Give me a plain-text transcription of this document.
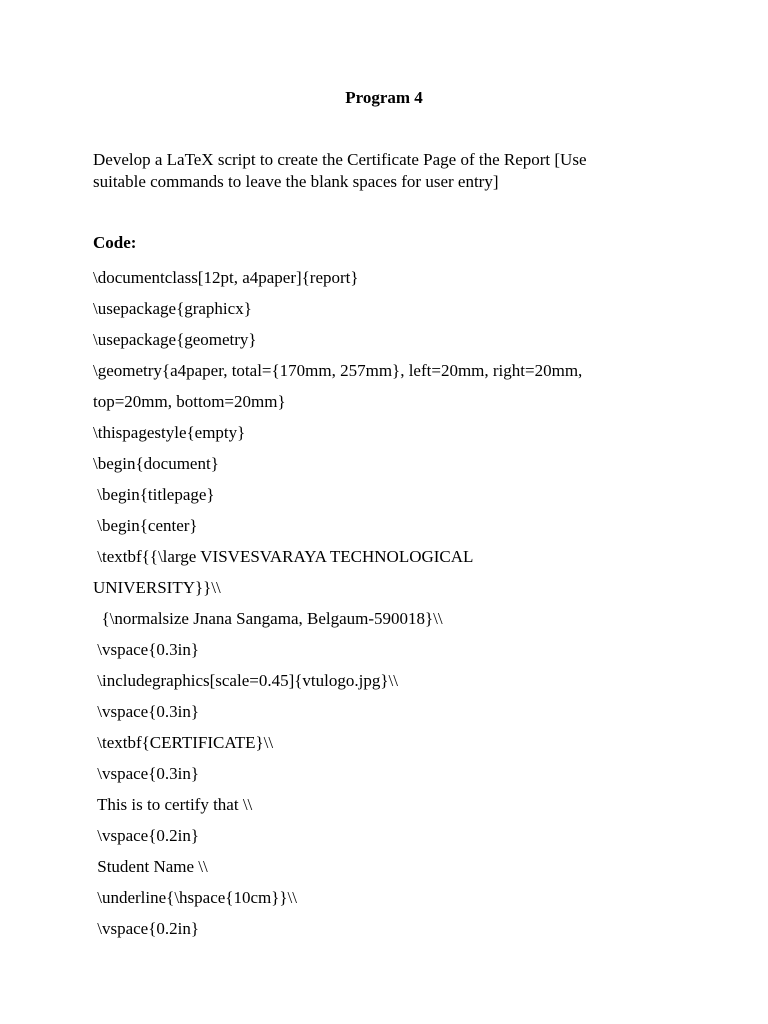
Program 4
Develop a LaTeX script to create the Certificate Page of the Report [Use
suitable commands to leave the blank spaces for user entry]
Code:
\documentclass[12pt, a4paper]{report}
\usepackage{graphicx}
\usepackage{geometry}
\geometry{a4paper, total={170mm, 257mm}, left=20mm, right=20mm,
top=20mm, bottom=20mm}
\thispagestyle{empty}
\begin{document}
\begin{titlepage}
\begin{center}
\textbf{{\large VISVESVARAYA TECHNOLOGICAL
UNIVERSITY}}\\
{\normalsize Jnana Sangama, Belgaum-590018}\\
\vspace{0.3in}
\includegraphics[scale=0.45]{vtulogo.jpg}\\
\vspace{0.3in}
\textbf{CERTIFICATE}\\
\vspace{0.3in}
This is to certify that \\
\vspace{0.2in}
Student Name \\
\underline{\hspace{10cm}}\\
\vspace{0.2in}
